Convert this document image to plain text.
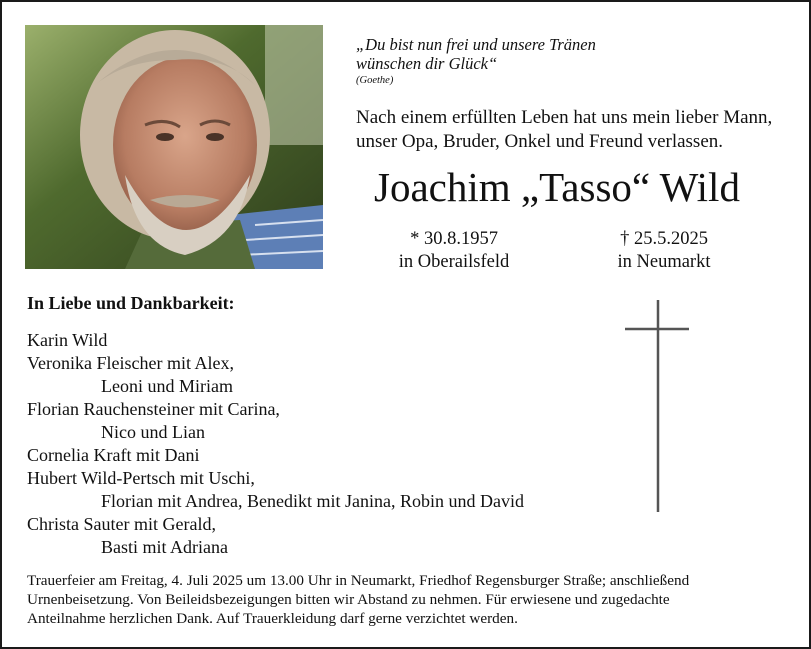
„Du bist nun frei und unsere Tränen
wünschen dir Glück“
(Goethe)
Nach einem erfüllten Leben hat uns mein lieber Mann,
unser Opa, Bruder, Onkel und Freund verlassen.
Joachim „Tasso“ Wild
* 30.8.1957
in Oberailsfeld
† 25.5.2025
in Neumarkt
In Liebe und Dankbarkeit:
Karin Wild
Veronika Fleischer mit Alex,
Leoni und Miriam
Florian Rauchensteiner mit Carina,
Nico und Lian
Cornelia Kraft mit Dani
Hubert Wild-Pertsch mit Uschi,
Florian mit Andrea, Benedikt mit Janina, Robin und David
Christa Sauter mit Gerald,
Basti mit Adriana
Trauerfeier am Freitag, 4. Juli 2025 um 13.00 Uhr in Neumarkt, Friedhof Regensburger Straße; anschließend
Urnenbeisetzung. Von Beileidsbezeigungen bitten wir Abstand zu nehmen. Für erwiesene und zugedachte
Anteilnahme herzlichen Dank. Auf Trauerkleidung darf gerne verzichtet werden.
